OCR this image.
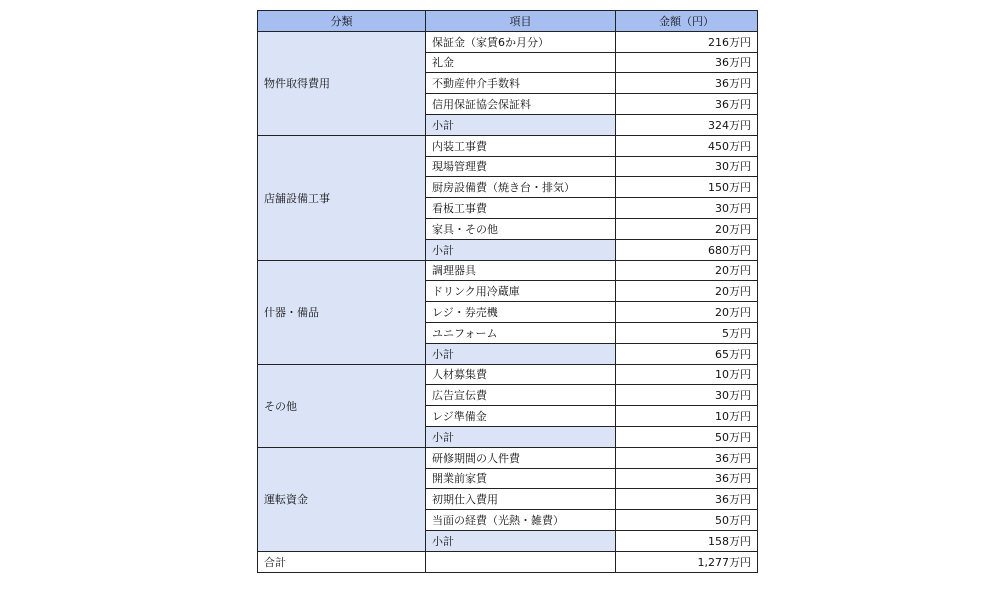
分類	項目	金額（円）
物件取得費用	保証金（家賃6か月分）	216万円
	礼金	36万円
	不動産仲介手数料	36万円
	信用保証協会保証料	36万円
	小計	324万円
店舗設備工事	内装工事費	450万円
	現場管理費	30万円
	厨房設備費（焼き台・排気）	150万円
	看板工事費	30万円
	家具・その他	20万円
	小計	680万円
什器・備品	調理器具	20万円
	ドリンク用冷蔵庫	20万円
	レジ・券売機	20万円
	ユニフォーム	5万円
	小計	65万円
その他	人材募集費	10万円
	広告宣伝費	30万円
	レジ準備金	10万円
	小計	50万円
運転資金	研修期間の人件費	36万円
	開業前家賃	36万円
	初期仕入費用	36万円
	当面の経費（光熱・雑費）	50万円
	小計	158万円
合計		1,277万円
